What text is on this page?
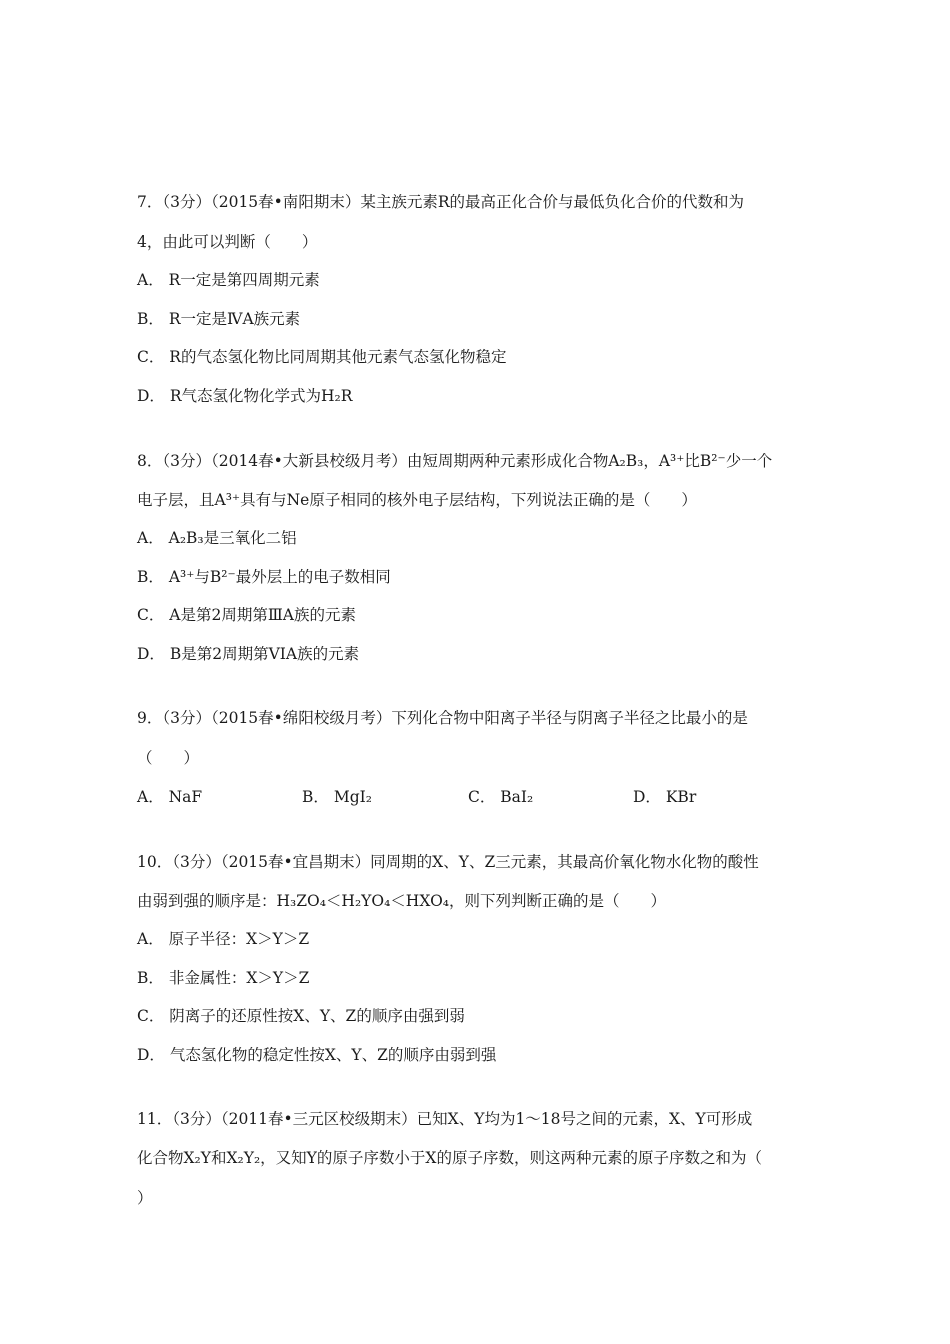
7．（3分）（2015春•南阳期末）某主族元素R的最高正化合价与最低负化合价的代数和为
4，由此可以判断（　　）
A． R一定是第四周期元素
B． R一定是ⅣA族元素
C． R的气态氢化物比同周期其他元素气态氢化物稳定
D． R气态氢化物化学式为H₂R
8．（3分）（2014春•大新县校级月考）由短周期两种元素形成化合物A₂B₃，A³⁺比B²⁻少一个
电子层，且A³⁺具有与Ne原子相同的核外电子层结构，下列说法正确的是（　　）
A． A₂B₃是三氧化二铝
B． A³⁺与B²⁻最外层上的电子数相同
C． A是第2周期第ⅢA族的元素
D． B是第2周期第VIA族的元素
9．（3分）（2015春•绵阳校级月考）下列化合物中阳离子半径与阴离子半径之比最小的是
（　　）
A． NaF	B． MgI₂	C． BaI₂	D． KBr
10．（3分）（2015春•宜昌期末）同周期的X、Y、Z三元素，其最高价氧化物水化物的酸性
由弱到强的顺序是：H₃ZO₄＜H₂YO₄＜HXO₄，则下列判断正确的是（　　）
A． 原子半径：X＞Y＞Z
B． 非金属性：X＞Y＞Z
C． 阴离子的还原性按X、Y、Z的顺序由强到弱
D． 气态氢化物的稳定性按X、Y、Z的顺序由弱到强
11．（3分）（2011春•三元区校级期末）已知X、Y均为1～18号之间的元素，X、Y可形成
化合物X₂Y和X₂Y₂，又知Y的原子序数小于X的原子序数，则这两种元素的原子序数之和为（
）
